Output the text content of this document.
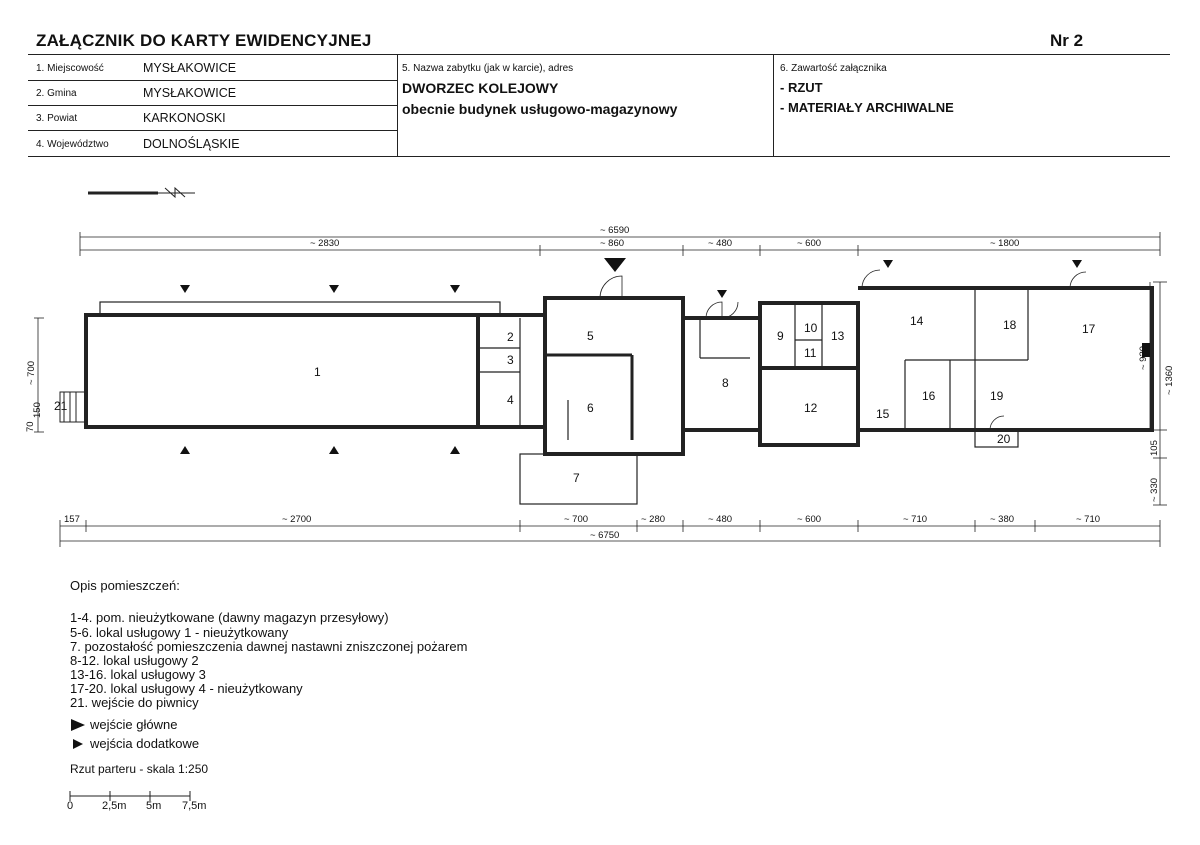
ZAŁĄCZNIK DO KARTY EWIDENCYJNEJ	Nr 2
1. Miejscowość	MYSŁAKOWICE
2. Gmina	MYSŁAKOWICE
3. Powiat	KARKONOSKI
4. Województwo	DOLNOŚLĄSKIE
5. Nazwa zabytku (jak w karcie), adres
DWORZEC KOLEJOWY
obecnie budynek usługowo-magazynowy
6. Zawartość załącznika
- RZUT
- MATERIAŁY ARCHIWALNE
~ 6590
~ 2830	~ 860	~ 480	~ 600	~ 1800
157	~ 2700	~ 700	~ 280	~ 480	~ 600	~ 710	~ 380	~ 710
~ 6750
~ 700
150
70
~ 920
~ 1360
105
~ 330
1
2
3
4
5
6
7
8
9
10
11
12
13
14
15
16
17
18
19
20
21
Opis pomieszczeń:
1-4. pom. nieużytkowane (dawny magazyn przesyłowy)
5-6. lokal usługowy 1 - nieużytkowany
7. pozostałość pomieszczenia dawnej nastawni zniszczonej pożarem
8-12. lokal usługowy 2
13-16. lokal usługowy 3
17-20. lokal usługowy 4 - nieużytkowany
21. wejście do piwnicy
wejście główne
wejścia dodatkowe
Rzut parteru - skala 1:250
0	2,5m 5m 7,5m
